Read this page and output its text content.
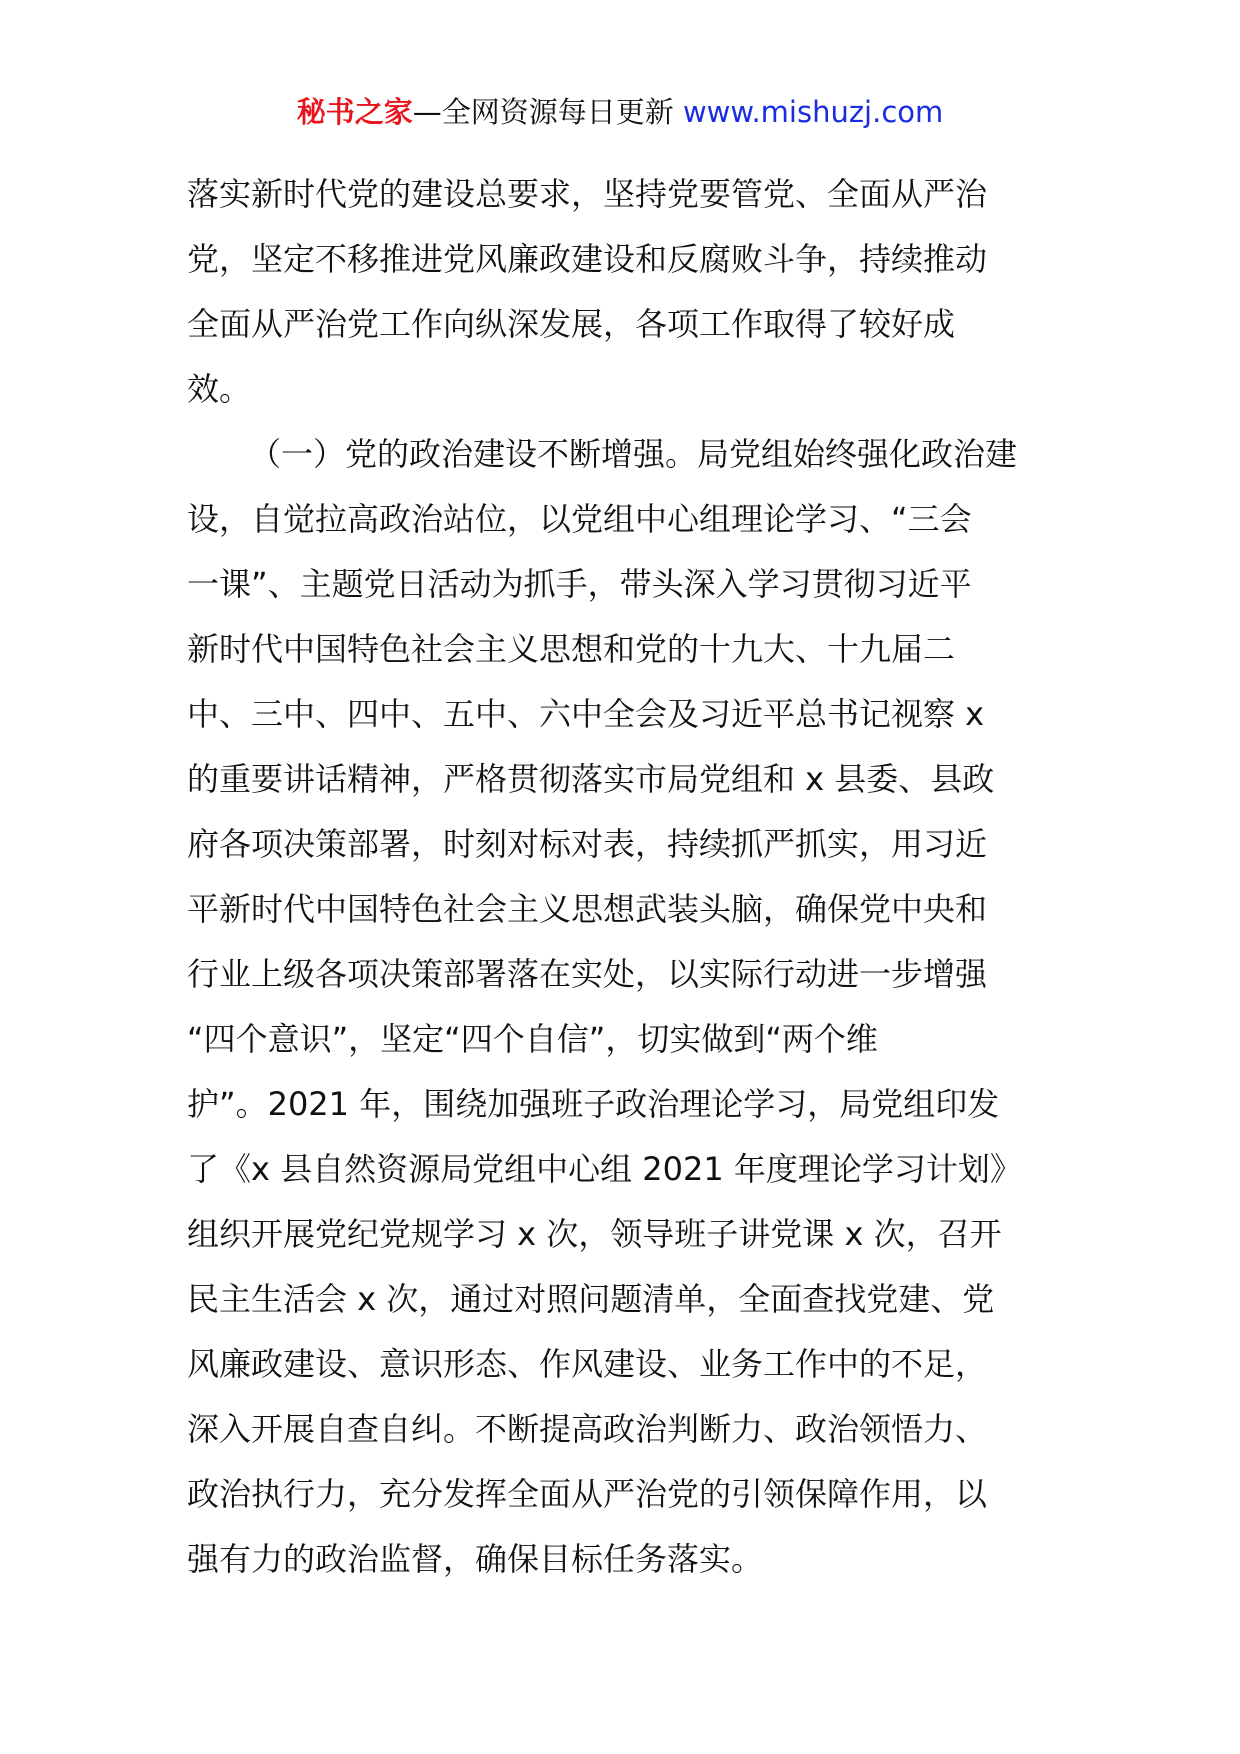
秘书之家—全网资源每日更新 www.mishuzj.com
落实新时代党的建设总要求，坚持党要管党、全面从严治
党，坚定不移推进党风廉政建设和反腐败斗争，持续推动
全面从严治党工作向纵深发展，各项工作取得了较好成
效。
（一）党的政治建设不断增强。局党组始终强化政治建
设，自觉拉高政治站位，以党组中心组理论学习、“三会
一课”、主题党日活动为抓手，带头深入学习贯彻习近平
新时代中国特色社会主义思想和党的十九大、十九届二
中、三中、四中、五中、六中全会及习近平总书记视察 x
的重要讲话精神，严格贯彻落实市局党组和 x 县委、县政
府各项决策部署，时刻对标对表，持续抓严抓实，用习近
平新时代中国特色社会主义思想武装头脑，确保党中央和
行业上级各项决策部署落在实处，以实际行动进一步增强
“四个意识”，坚定“四个自信”，切实做到“两个维
护”。2021 年，围绕加强班子政治理论学习，局党组印发
了《x 县自然资源局党组中心组 2021 年度理论学习计划》
组织开展党纪党规学习 x 次，领导班子讲党课 x 次，召开
民主生活会 x 次，通过对照问题清单，全面查找党建、党
风廉政建设、意识形态、作风建设、业务工作中的不足，
深入开展自查自纠。不断提高政治判断力、政治领悟力、
政治执行力，充分发挥全面从严治党的引领保障作用，以
强有力的政治监督，确保目标任务落实。
